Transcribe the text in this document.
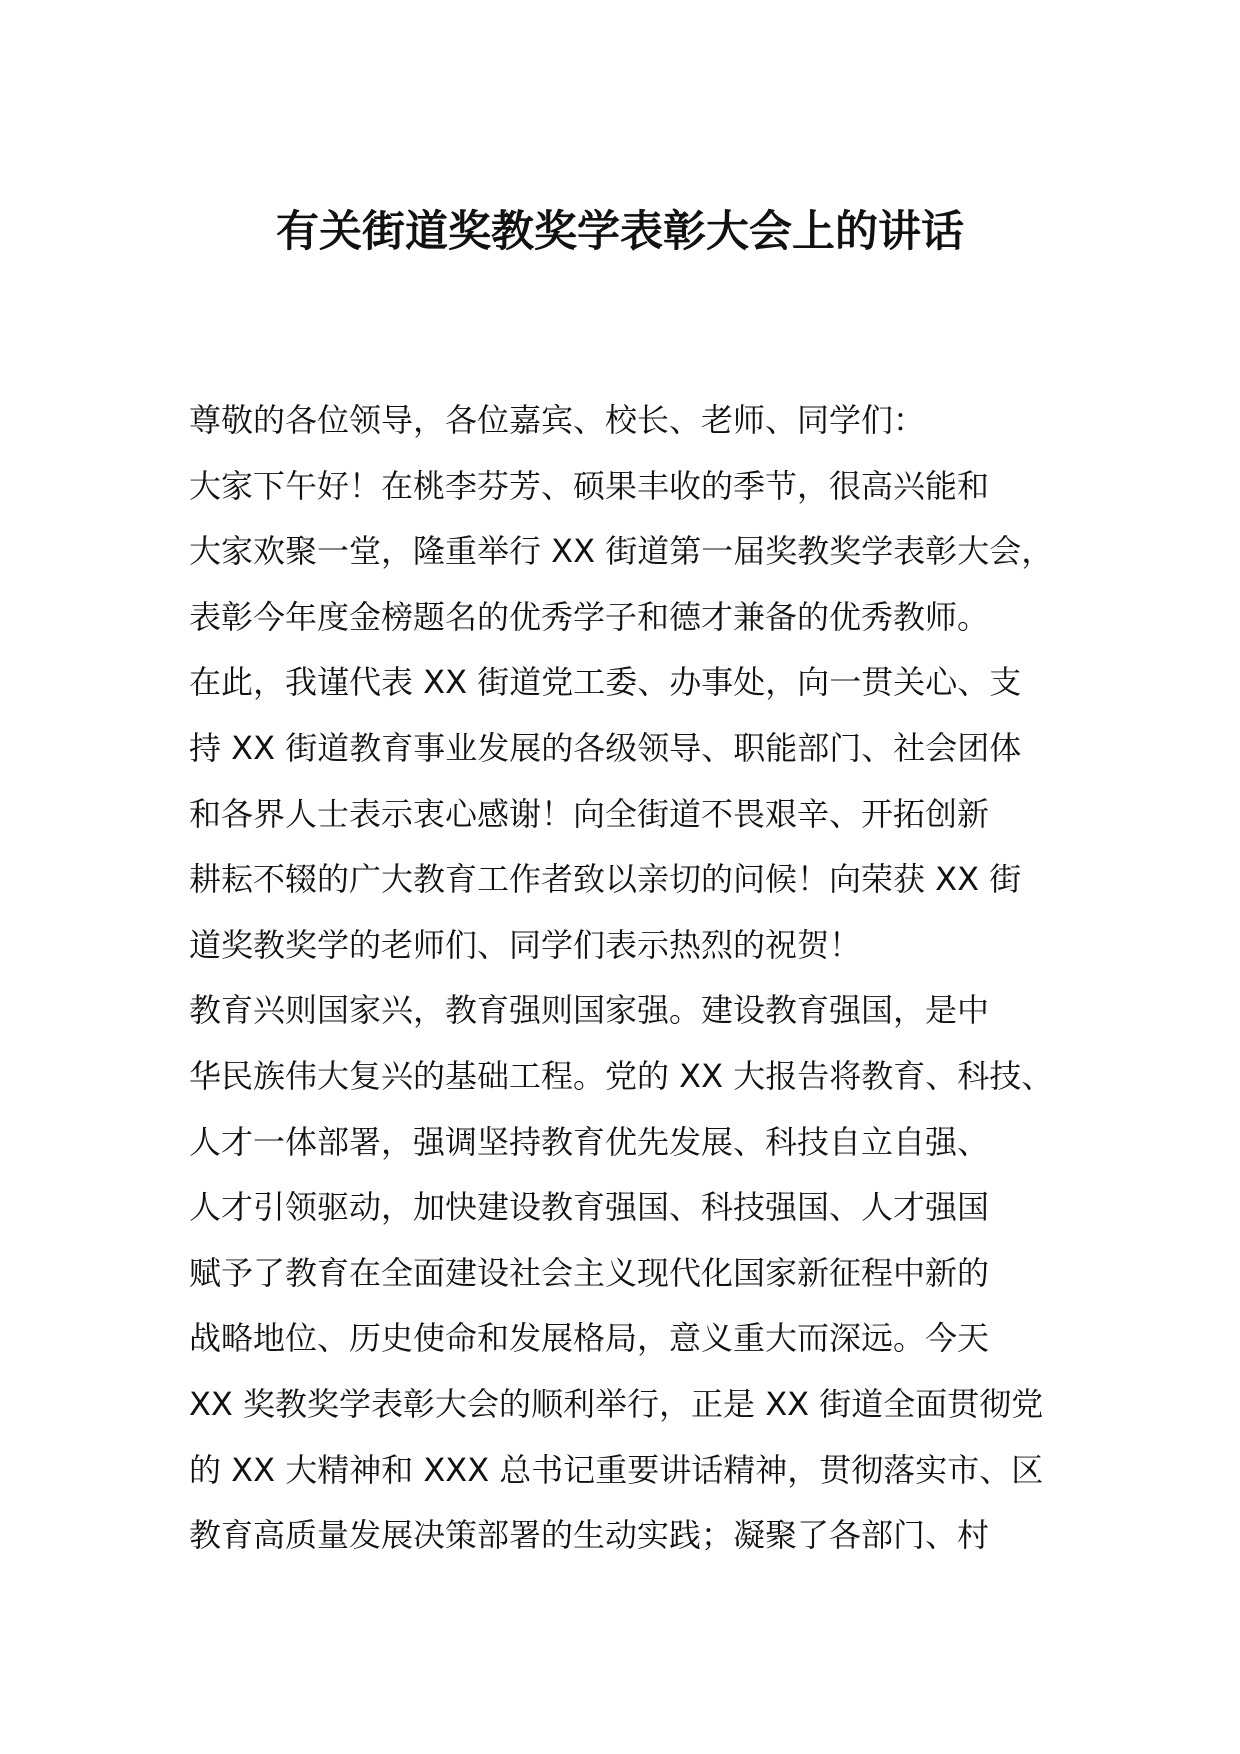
有关街道奖教奖学表彰大会上的讲话
尊敬的各位领导，各位嘉宾、校长、老师、同学们：
大家下午好！在桃李芬芳、硕果丰收的季节，很高兴能和
大家欢聚一堂，隆重举行 XX 街道第一届奖教奖学表彰大会，
表彰今年度金榜题名的优秀学子和德才兼备的优秀教师。
在此，我谨代表 XX 街道党工委、办事处，向一贯关心、支
持 XX 街道教育事业发展的各级领导、职能部门、社会团体
和各界人士表示衷心感谢！向全街道不畏艰辛、开拓创新
耕耘不辍的广大教育工作者致以亲切的问候！向荣获 XX 街
道奖教奖学的老师们、同学们表示热烈的祝贺！
教育兴则国家兴，教育强则国家强。建设教育强国，是中
华民族伟大复兴的基础工程。党的 XX 大报告将教育、科技、
人才一体部署，强调坚持教育优先发展、科技自立自强、
人才引领驱动，加快建设教育强国、科技强国、人才强国
赋予了教育在全面建设社会主义现代化国家新征程中新的
战略地位、历史使命和发展格局，意义重大而深远。今天
XX 奖教奖学表彰大会的顺利举行，正是 XX 街道全面贯彻党
的 XX 大精神和 XXX 总书记重要讲话精神，贯彻落实市、区
教育高质量发展决策部署的生动实践；凝聚了各部门、村
